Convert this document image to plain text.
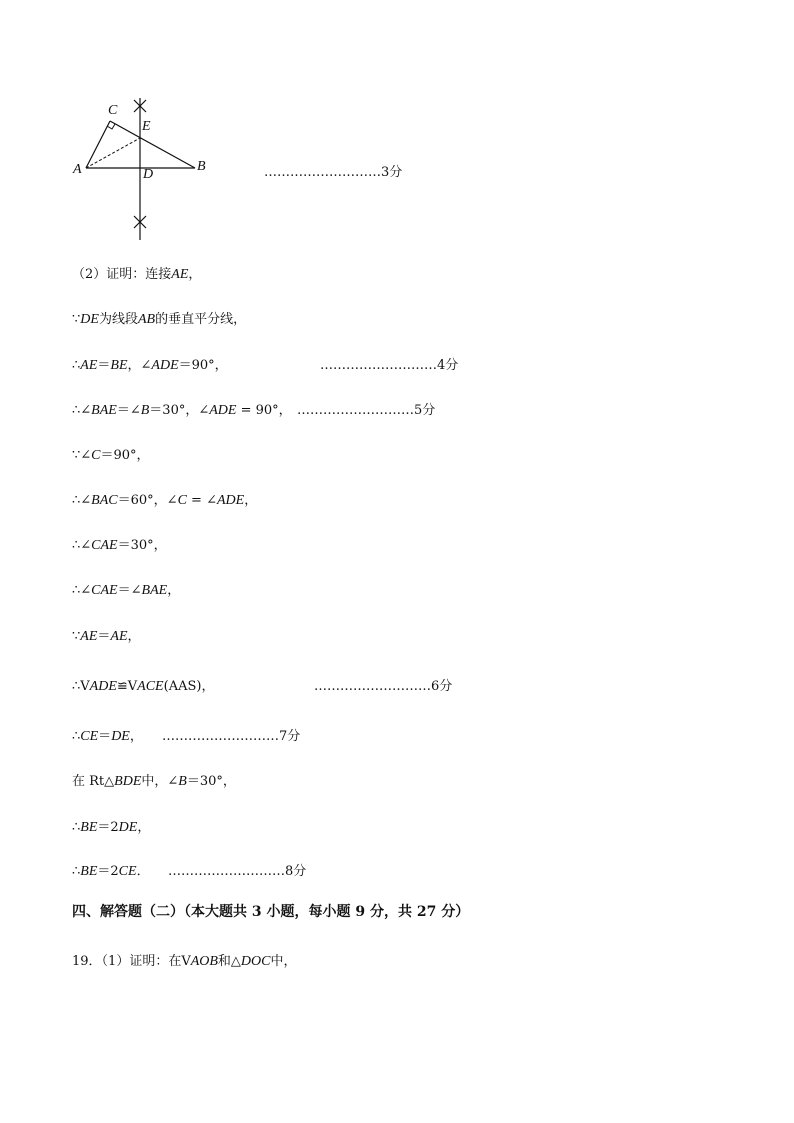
C
E
A	B
D	………………………3分
（2）证明：连接AE，
∵DE为线段AB的垂直平分线，
∴AE＝BE，∠ADE＝90°，	………………………4分
∴∠BAE＝∠B＝30°，∠ADE = 90°， ………………………5分
∵∠C＝90°，
∴∠BAC＝60°，∠C = ∠ADE，
∴∠CAE＝30°，
∴∠CAE＝∠BAE，
∵AE＝AE，
∴VADE≌VACE(AAS)，	………………………6分
∴CE＝DE， ………………………7分
在 Rt△BDE中，∠B＝30°，
∴BE＝2DE，
∴BE＝2CE． ………………………8分
四、解答题（二）（本大题共 3 小题，每小题 9 分，共 27 分）
19．（1）证明：在VAOB和△DOC中，
